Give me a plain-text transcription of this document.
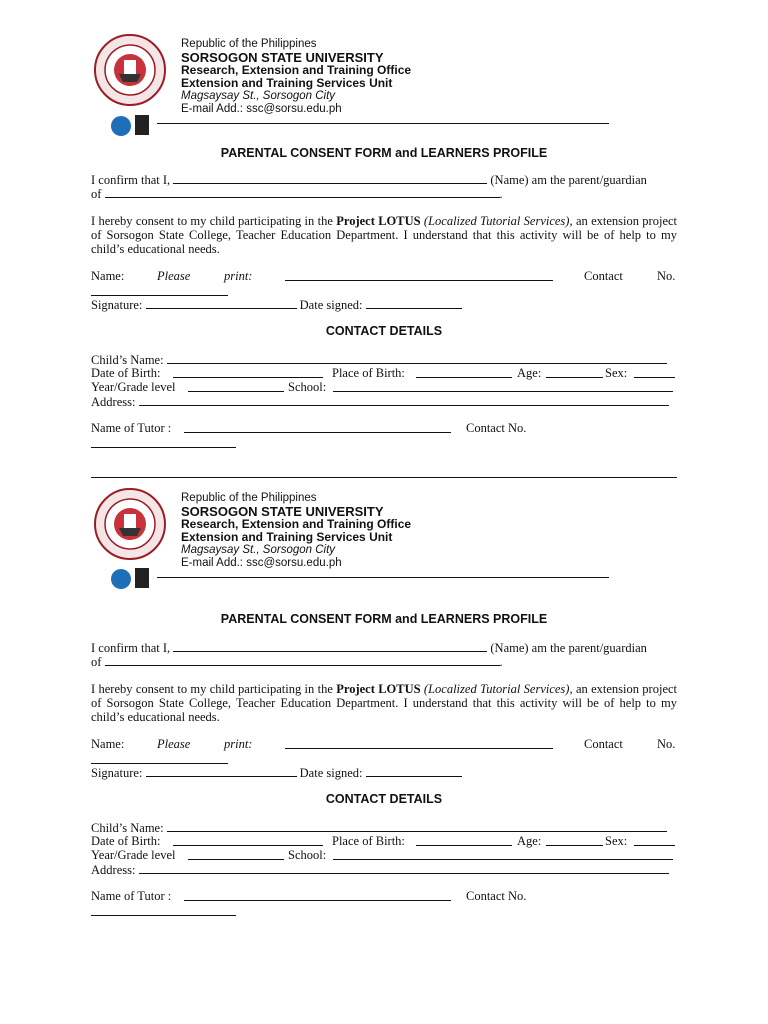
Republic of the Philippines
SORSOGON STATE UNIVERSITY
Research, Extension and Training Office
Extension and Training Services Unit
Magsaysay St., Sorsogon City
E-mail Add.: ssc@sorsu.edu.ph
PARENTAL CONSENT FORM and LEARNERS PROFILE
I confirm that I,	(Name) am the parent/guardian
of	.
I hereby consent to my child participating in the Project LOTUS (Localized Tutorial Services), an extension project of Sorsogon State College, Teacher Education Department. I understand that this activity will be of help to my child’s educational needs.
Name:	Please	print:	Contact	No.
Signature:	Date signed:
CONTACT DETAILS
Child’s Name:
Date of Birth:	Place of Birth:	Age:	Sex:
Year/Grade level	School:
Address:
Name of Tutor :	Contact No.
Republic of the Philippines
SORSOGON STATE UNIVERSITY
Research, Extension and Training Office
Extension and Training Services Unit
Magsaysay St., Sorsogon City
E-mail Add.: ssc@sorsu.edu.ph
PARENTAL CONSENT FORM and LEARNERS PROFILE
I confirm that I,	(Name) am the parent/guardian
of	.
I hereby consent to my child participating in the Project LOTUS (Localized Tutorial Services), an extension project of Sorsogon State College, Teacher Education Department. I understand that this activity will be of help to my child’s educational needs.
Name:	Please	print:	Contact	No.
Signature:	Date signed:
CONTACT DETAILS
Child’s Name:
Date of Birth:	Place of Birth:	Age:	Sex:
Year/Grade level	School:
Address:
Name of Tutor :	Contact No.
